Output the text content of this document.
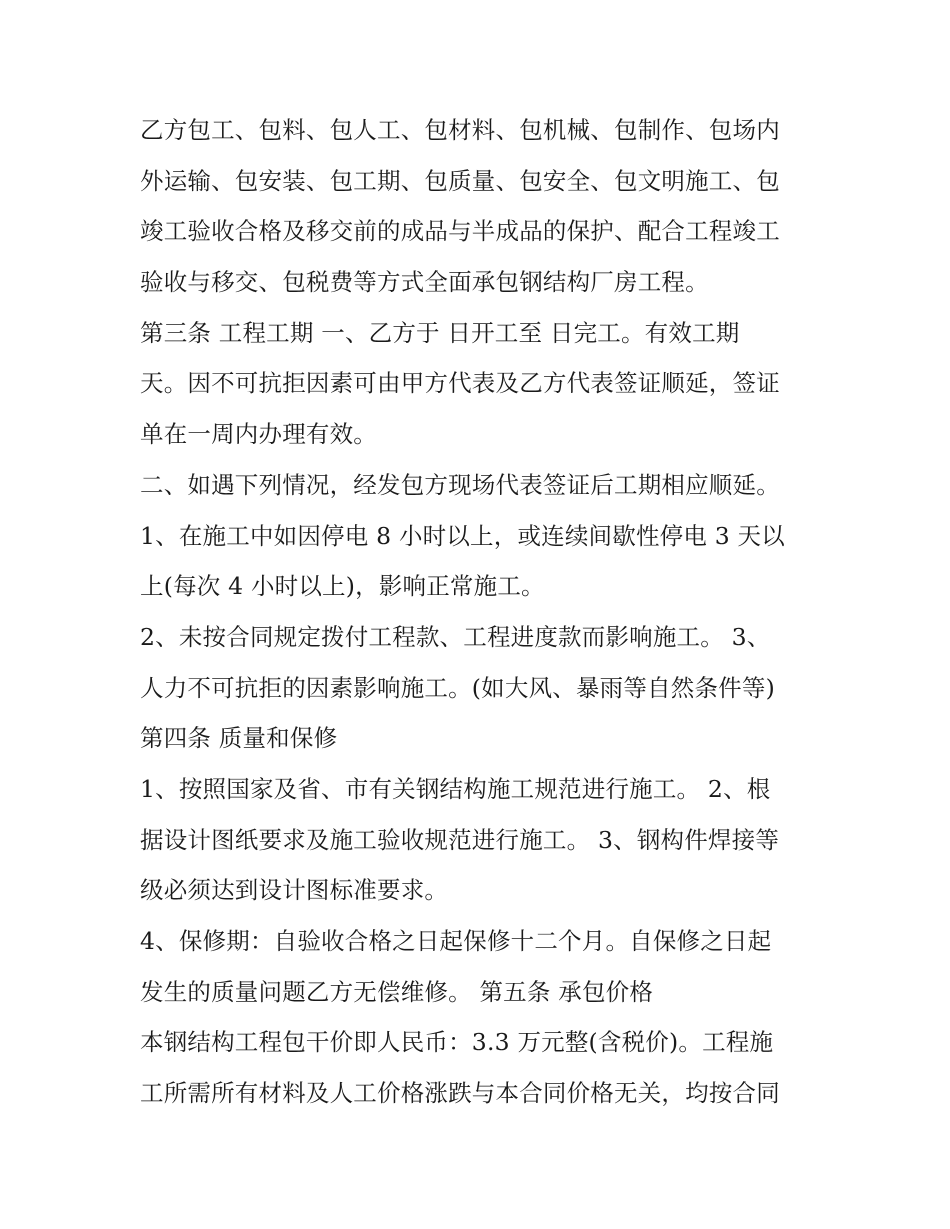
乙方包工、包料、包人工、包材料、包机械、包制作、包场内
外运输、包安装、包工期、包质量、包安全、包文明施工、包
竣工验收合格及移交前的成品与半成品的保护、配合工程竣工
验收与移交、包税费等方式全面承包钢结构厂房工程。
第三条 工程工期 一、乙方于 日开工至 日完工。有效工期
天。因不可抗拒因素可由甲方代表及乙方代表签证顺延，签证
单在一周内办理有效。
二、如遇下列情况，经发包方现场代表签证后工期相应顺延。
1、在施工中如因停电 8 小时以上，或连续间歇性停电 3 天以
上(每次 4 小时以上)，影响正常施工。
2、未按合同规定拨付工程款、工程进度款而影响施工。 3、
人力不可抗拒的因素影响施工。(如大风、暴雨等自然条件等)
第四条 质量和保修
1、按照国家及省、市有关钢结构施工规范进行施工。 2、根
据设计图纸要求及施工验收规范进行施工。 3、钢构件焊接等
级必须达到设计图标准要求。
4、保修期：自验收合格之日起保修十二个月。自保修之日起
发生的质量问题乙方无偿维修。 第五条 承包价格
本钢结构工程包干价即人民币：3.3 万元整(含税价)。工程施
工所需所有材料及人工价格涨跌与本合同价格无关，均按合同
